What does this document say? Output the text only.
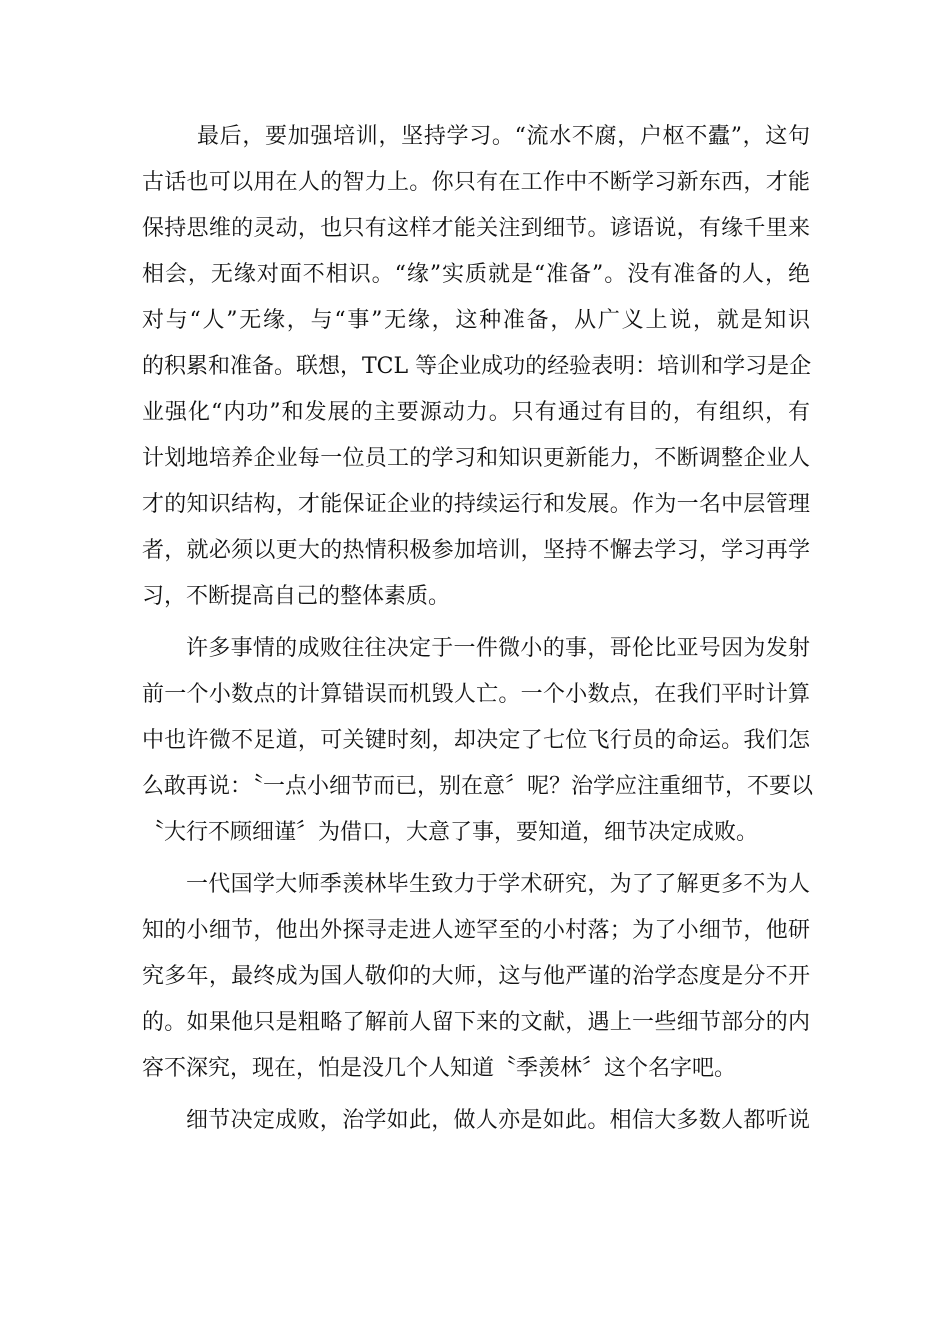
最后，要加强培训，坚持学习。“流水不腐，户枢不蠹”，这句
古话也可以用在人的智力上。你只有在工作中不断学习新东西，才能
保持思维的灵动，也只有这样才能关注到细节。谚语说，有缘千里来
相会，无缘对面不相识。“缘”实质就是“准备”。没有准备的人，绝
对与“人”无缘，与“事”无缘，这种准备，从广义上说，就是知识
的积累和准备。联想，TCL 等企业成功的经验表明：培训和学习是企
业强化“内功”和发展的主要源动力。只有通过有目的，有组织，有
计划地培养企业每一位员工的学习和知识更新能力，不断调整企业人
才的知识结构，才能保证企业的持续运行和发展。作为一名中层管理
者，就必须以更大的热情积极参加培训，坚持不懈去学习，学习再学
习，不断提高自己的整体素质。
许多事情的成败往往决定于一件微小的事，哥伦比亚号因为发射
前一个小数点的计算错误而机毁人亡。一个小数点，在我们平时计算
中也许微不足道，可关键时刻，却决定了七位飞行员的命运。我们怎
么敢再说：〝一点小细节而已，别在意〞呢？治学应注重细节，不要以
〝大行不顾细谨〞为借口，大意了事，要知道，细节决定成败。
一代国学大师季羡林毕生致力于学术研究，为了了解更多不为人
知的小细节，他出外探寻走进人迹罕至的小村落；为了小细节，他研
究多年，最终成为国人敬仰的大师，这与他严谨的治学态度是分不开
的。如果他只是粗略了解前人留下来的文献，遇上一些细节部分的内
容不深究，现在，怕是没几个人知道〝季羡林〞这个名字吧。
细节决定成败，治学如此，做人亦是如此。相信大多数人都听说
